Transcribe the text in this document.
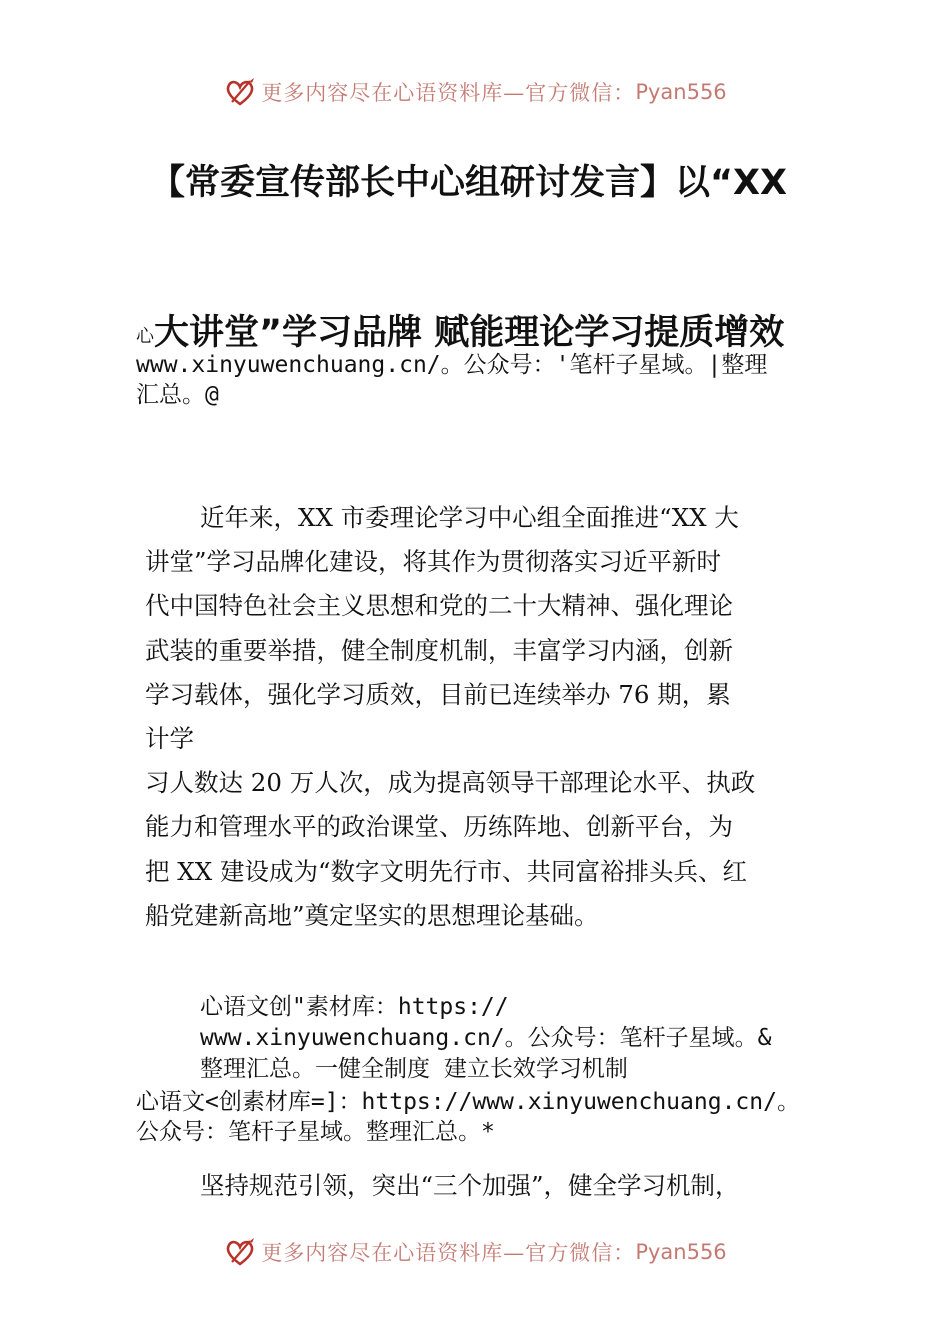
更多内容尽在心语资料库—官方微信： Pyan556
【常委宣传部长中心组研讨发言】以“XX
心大讲堂”学习品牌 赋能理论学习提质增效
www.xinyuwenchuang.cn/。公众号：'笔杆子星域。|整理
汇总。@
近年来，XX 市委理论学习中心组全面推进“XX 大
讲堂”学习品牌化建设，将其作为贯彻落实习近平新时
代中国特色社会主义思想和党的二十大精神、强化理论
武装的重要举措，健全制度机制，丰富学习内涵，创新
学习载体，强化学习质效，目前已连续举办 76 期，累
计学
习人数达 20 万人次，成为提高领导干部理论水平、执政
能力和管理水平的政治课堂、历练阵地、创新平台，为
把 XX 建设成为“数字文明先行市、共同富裕排头兵、红
船党建新高地”奠定坚实的思想理论基础。
心语文创"素材库：https://
www.xinyuwenchuang.cn/。公众号：笔杆子星域。&
整理汇总。一健全制度 建立长效学习机制
心语文<创素材库=]：https://www.xinyuwenchuang.cn/。
公众号：笔杆子星域。整理汇总。*
坚持规范引领，突出“三个加强”，健全学习机制，
更多内容尽在心语资料库—官方微信： Pyan556
